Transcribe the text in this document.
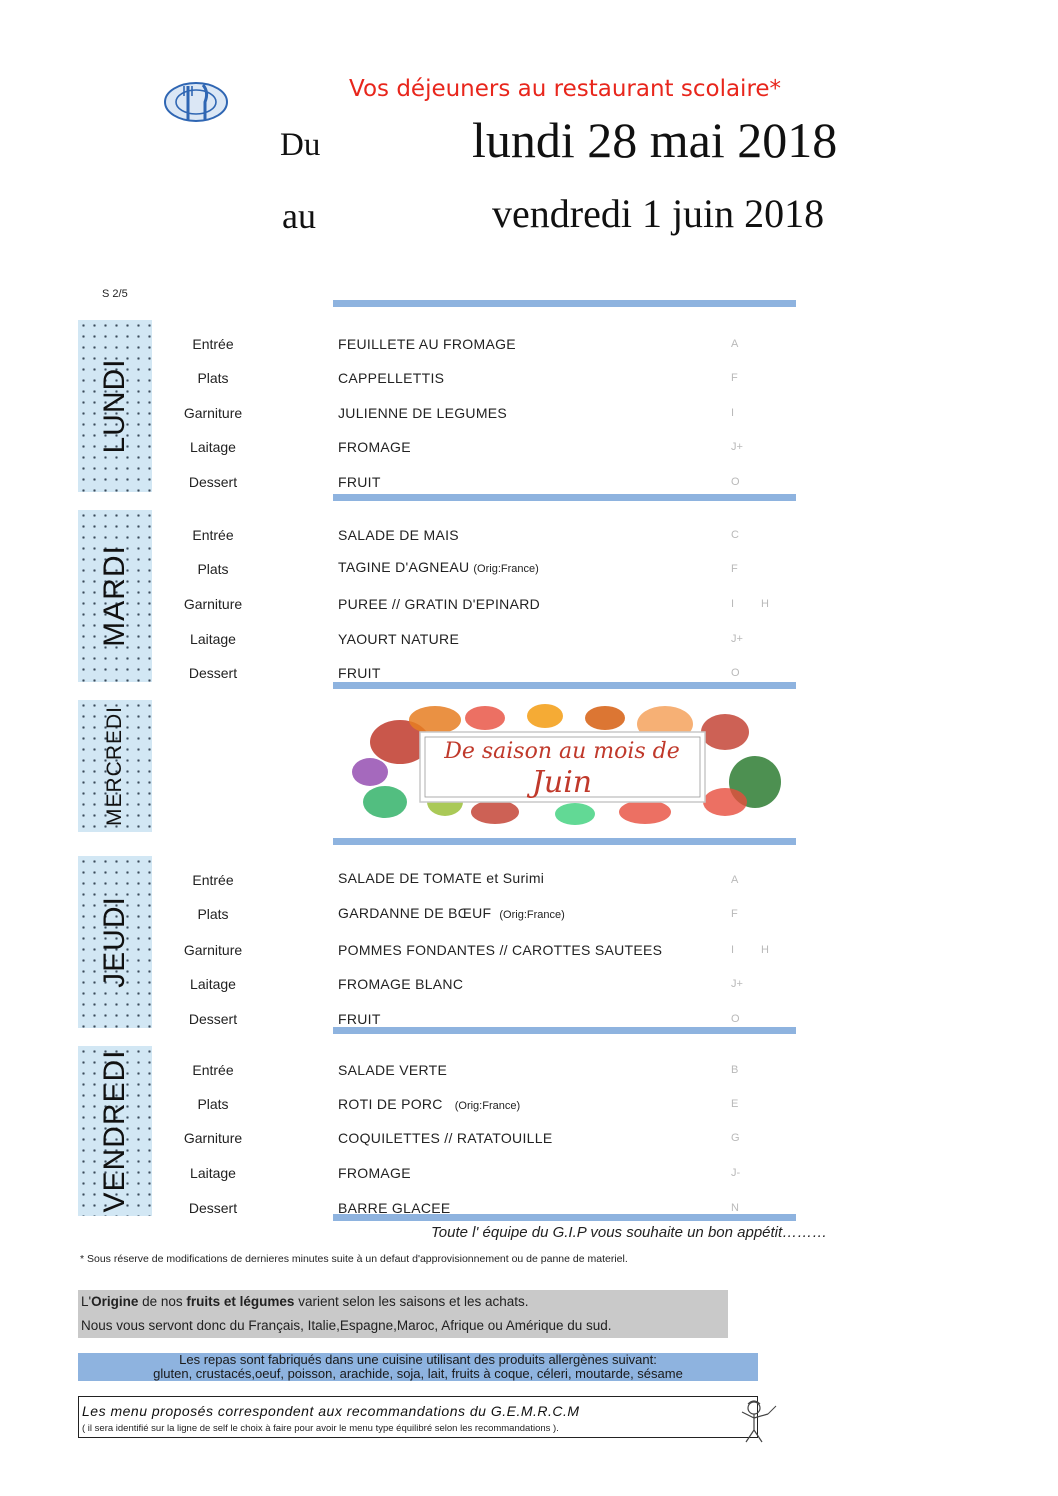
Vos déjeuners au restaurant scolaire*
Du	lundi 28 mai 2018
au	vendredi 1 juin 2018
S 2/5
LUNDI
Entrée	FEUILLETE AU FROMAGE	A
Plats	CAPPELLETTIS	F
Garniture	JULIENNE DE LEGUMES	I
Laitage	FROMAGE	J+
Dessert	FRUIT	O
MARDI
Entrée	SALADE DE MAIS	C
Plats	TAGINE D'AGNEAU (Orig:France)	F
Garniture	PUREE // GRATIN D'EPINARD	I H
Laitage	YAOURT NATURE	J+
Dessert	FRUIT	O
MERCREDI	De saison au mois de
Juin
JEUDI
Entrée	SALADE DE TOMATE et Surimi	A
Plats	GARDANNE DE BŒUF (Orig:France)	F
Garniture	POMMES FONDANTES // CAROTTES SAUTEES	I H
Laitage	FROMAGE BLANC	J+
Dessert	FRUIT	O
VENDREDI	Entrée	SALADE VERTE	B
Plats	ROTI DE PORC (Orig:France)	E
Garniture	COQUILETTES // RATATOUILLE	G
Laitage	FROMAGE	J-
Dessert	BARRE GLACEE	N
Toute l' équipe du G.I.P vous souhaite un bon appétit………
* Sous réserve de modifications de dernieres minutes suite à un defaut d'approvisionnement ou de panne de materiel.

L'Origine de nos fruits et légumes varient selon les saisons et les achats.

Nous vous servont donc du Français, Italie,Espagne,Maroc, Afrique ou Amérique du sud.

Les repas sont fabriqués dans une cuisine utilisant des produits allergènes suivant:
gluten, crustacés,oeuf, poisson, arachide, soja, lait, fruits à coque, céleri, moutarde, sésame
Les menu proposés correspondent aux recommandations du G.E.M.R.C.M
( il sera identifié sur la ligne de self le choix à faire pour avoir le menu type équilibré selon les recommandations ).
